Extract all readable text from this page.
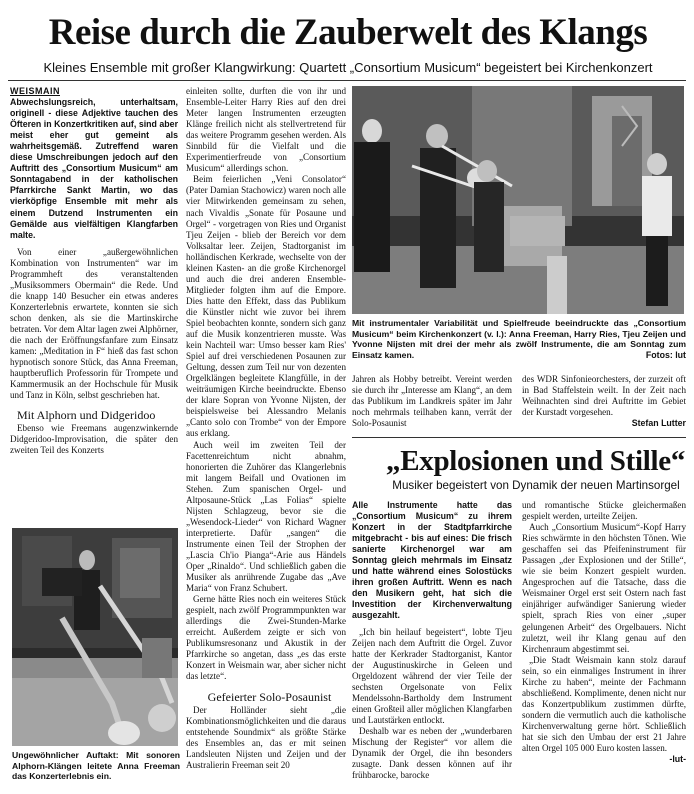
Reise durch die Zauberwelt des Klangs
Kleines Ensemble mit großer Klangwirkung: Quartett „Consortium Musicum“ begeistert bei Kirchenkonzert

WEISMAIN

Abwechslungsreich, unterhaltsam, originell - diese Adjektive tauchen des Öfteren in Konzertkritiken auf, sind aber meist eher gut gemeint als wahrheitsgemäß. Zutreffend waren diese Umschreibungen jedoch auf den Auftritt des „Consortium Musicum“ am Sonntagabend in der katholischen Pfarrkirche Sankt Martin, wo das vierköpfige Ensemble mit mehr als einem Dutzend Instrumenten ein Gemälde aus vielfältigen Klangfarben malte.

Von einer „außergewöhnlichen Kombination von Instrumenten“ war im Programmheft des veranstaltenden „Musiksommers Obermain“ die Rede. Und die knapp 140 Besucher ein etwas anderes Konzerterlebnis erwartete, konnten sie sich schon denken, als sie die Martinskirche betraten. Vor dem Altar lagen zwei Alphörner, die nach der Eröffnungsfanfare zum Einsatz kamen: „Meditation in F“ hieß das fast schon hypnotisch sonore Stück, das Anna Freeman, hauptberuflich Professorin für Trompete und Kammermusik an der Hochschule für Musik und Tanz in Köln, selbst geschrieben hat.

Mit Alphorn und Didgeridoo

Ebenso wie Freemans augenzwinkernde Didgeridoo-Improvisation, die später den zweiten Teil des Konzerts

Ungewöhnlicher Auftakt: Mit sonoren Alphorn-Klängen leitete Anna Freeman das Konzerterlebnis ein.

einleiten sollte, durften die von ihr und Ensemble-Leiter Harry Ries auf den drei Meter langen Instrumenten erzeugten Klänge freilich nicht als stellvertretend für das weitere Programm gesehen werden. Als Sinnbild für die Vielfalt und die Experimentierfreude von „Consortium Musicum“ allerdings schon.

Beim feierlichen „Veni Consolator“ (Pater Damian Stachowicz) waren noch alle vier Mitwirkenden gemeinsam zu sehen, nach Vivaldis „Sonate für Posaune und Orgel“ - vorgetragen von Ries und Organist Tjeu Zeijen - blieb der Bereich vor dem Volksaltar leer. Zeijen, Stadtorganist im holländischen Kerkrade, wechselte von der kleinen Kasten- an die große Kirchenorgel und auch die drei anderen Ensemble-Mitglieder folgten ihm auf die Empore. Dies hatte den Effekt, dass das Publikum die Künstler nicht wie zuvor bei ihrem Spiel beobachten konnte, sondern sich ganz auf die Musik konzentrieren musste. Was kein Nachteil war: Umso besser kam Ries' Spiel auf drei verschiedenen Posaunen zur Geltung, dessen zum Teil nur von dezenten Orgelklängen begleitete Klangfülle, in der weiträumigen Kirche beeindruckte. Ebenso der klare Sopran von Yvonne Nijsten, der beispielsweise bei Alessandro Melanis „Canto solo con Trombe“ von der Empore aus erklang.

Auch weil im zweiten Teil der Facettenreichtum nicht abnahm, honorierten die Zuhörer das Klangerlebnis mit langem Beifall und Ovationen im Stehen. Zum spanischen Orgel- und Altposaune-Stück „Las Folias“ spielte Nijsten Schlagzeug, bevor sie die „Wesendock-Lieder“ von Richard Wagner interpretierte. Dafür „sangen“ die Instrumente einen Teil der Strophen der „Lascia Ch'io Pianga“-Arie aus Händels Oper „Rinaldo“. Und schließlich gaben die Musiker als anrührende Zugabe das „Ave Maria“ von Franz Schubert.

Gerne hätte Ries noch ein weiteres Stück gespielt, nach zwölf Programmpunkten war allerdings die Zwei-Stunden-Marke erreicht. Außerdem zeigte er sich von Publikumsresonanz und Akustik in der Pfarrkirche so angetan, dass „es das erste Konzert in Weismain war, aber sicher nicht das letzte“.

Gefeierter Solo-Posaunist

Der Holländer sieht „die Kombinationsmöglichkeiten und die daraus entstehende Soundmix“ als größte Stärke des Ensembles an, das er mit seinen Landsleuten Nijsten und Zeijen und der Australierin Freeman seit 20

Mit instrumentaler Variabilität und Spielfreude beeindruckte das „Consortium Musicum“ beim Kirchenkonzert (v. l.): Anna Freeman, Harry Ries, Tjeu Zeijen und Yvonne Nijsten mit drei der mehr als zwölf Instrumente, die am Sonntag zum Einsatz kamen.	Fotos: lut

Jahren als Hobby betreibt. Vereint werden sie durch ihr „Interesse am Klang“, an dem das Publikum im Landkreis später im Jahr noch mehrmals teilhaben kann, verrät der Solo-Posaunist

des WDR Sinfonieorchesters, der zurzeit oft in Bad Staffelstein weilt. In der Zeit nach Weihnachten sind drei Auftritte im Gebiet der Kurstadt vorgesehen.

Stefan Lutter
„Explosionen und Stille“
Musiker begeistert von Dynamik der neuen Martinsorgel

Alle Instrumente hatte das „Consortium Musicum“ zu ihrem Konzert in der Stadtpfarrkirche mitgebracht - bis auf eines: Die frisch sanierte Kirchenorgel war am Sonntag gleich mehrmals im Einsatz und hatte während eines Solostücks ihren großen Auftritt. Wenn es nach den Musikern geht, hat sich die Investition der Kirchenverwaltung ausgezahlt.

„Ich bin heilauf begeistert“, lobte Tjeu Zeijen nach dem Auftritt die Orgel. Zuvor hatte der Kerkrader Stadtorganist, Kantor der Augustinuskirche in Geleen und Orgeldozent während der vier Teile der sechsten Orgelsonate von Felix Mendelssohn-Bartholdy dem Instrument einen Großteil aller möglichen Klangfarben und Lautstärken entlockt.

Deshalb war es neben der „wunderbaren Mischung der Register“ vor allem die Dynamik der Orgel, die ihn besonders zusagte. Dank dessen können auf ihr frühbarocke, barocke

und romantische Stücke gleichermaßen gespielt werden, urteilte Zeijen.

Auch „Consortium Musicum“-Kopf Harry Ries schwärmte in den höchsten Tönen. Wie geschaffen sei das Pfeifeninstrument für Passagen „der Explosionen und der Stille“, wie sie beim Konzert gespielt wurden. Angesprochen auf die Tatsache, dass die Weismainer Orgel erst seit Ostern nach fast einjähriger aufwändiger Sanierung wieder spielt, sprach Ries von einer „super gelungenen Arbeit“ des Orgelbauers. Nicht zuletzt, weil ihr Klang genau auf den Kirchenraum abgestimmt sei.

„Die Stadt Weismain kann stolz darauf sein, so ein einmaliges Instrument in ihrer Kirche zu haben“, meinte der Fachmann abschließend. Komplimente, denen nicht nur das Konzertpublikum zustimmen dürfte, sondern die vermutlich auch die katholische Kirchenverwaltung gerne hört. Schließlich hat sie sich den Umbau der erst 21 Jahre alten Orgel 105 000 Euro kosten lassen.

-lut-
